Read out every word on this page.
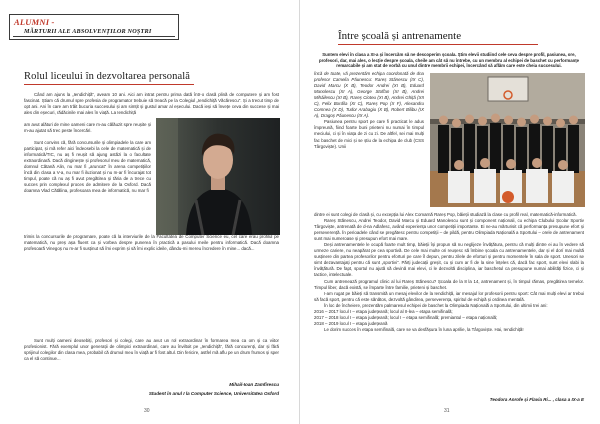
ALUMNI -
MĂRTURII ALE ABSOLVENȚILOR NOȘTRI
Rolul liceului în dezvoltarea personală

Când am ajuns la „Iendichiță”, aveam 10 ani. Aici am intrat pentru prima dată într-o clasă plină de computere și am fost fascinat. Știam că drumul spre profesia de programator trebuie să treacă pe la Colegiul „Iendichiță Văcărescu”. Și a trecut timp de opt ani. Ani în care am trăit bucuria succesului și am simțit și gustul amar al eșecului. Dacă ieși să învețe ceva din succese și mai ales din eșecuri, rădăcinile mai ales în viață. La Iendichiță

am avut alături de mine oameni care m-au călăuzit spre reușite și m-au ajutat să trec peste încercări.

Sunt convins că, fără concursurile și olimpiadele la care am participat, și mă refer aici îndeosebi la cele de matematică și de informatică/TIC, nu aș fi reușit să ajung astăzi la o facultate extraordinară. Dacă dinginește și profesorul meu de matematică, domnul Cătană Alin, nu mar fi „aruncat” în arena competițiilor încă din clasa a V-a, nu mar fi iluzionat și nu m-ar fi încurajat tot timpul, poate că nu aș fi avut pregătirea și tăria de a trece cu succes prin complexul proces de admitere de la Oxford. Dacă doamna Vlad Cătălina, profesoara mea de informatică, nu mar fi

trimis la concursurile de programare, poate că la interviurile de la Facultatea de Computer Science eu, cel care erau profilul pe matematică, nu preș așa fluent ca și vorbea despre punerea în practică a pasului meile pentru informatică. Dacă doamna profesoară Vinegoș nu m-ar fi susținut să îmi exprim și să îmi explic ideile, dându-mi mereu încredere în mine... dacă...

Sunt mulți oameni deosebiți, profesori și colegi, care au avut un rol extraordinar în formarea mea ca om și ca viitor profesionist. Fără exemplul unor generații de olimpici extraordinari, care au înviltoit pe „Iendichiță”, fără concurenți, dar și fără sprijinul colegilor din clasa mea, probabil că drumul meu în viață ar fi fost altul. Din fericire, astfel mă aflu pe un drum frumos și sper ca el să continue...

Mihail-Ioan Zamfirescu
Student în anul I la Computer Science, Universitatea Oxford
30
Între școală și antrenamente
Suntem elevi în clasa a XI-a și încercăm să ne descoperim școala. Știm elevii studiind cele ceva despre profil, pasiunea, ore, profesori, dar, mai ales, o lecție despre școala, cheile am cât să nu întrebe, cu un membru al echipei de baschet cu performanțe remarcabile și am stat de vorbă cu unul dintre membrii echipei, încercând să aflăm care este cheia succesului.

Încă de toate, vă prezentăm echipa coordonată de dna profesor Camelia Păunescu: Rareș Stănescu (IX C), David Marcu (X B), Teodor Andrei (XI B), Eduard Manolescu (XI A), George Stoffan (XI B), Andrei Mihăilescu (XI B), Rareș Cioteu (XI B), Andrei Ghiță (XII C), Felix Bordila (XI C), Rareș Pop (X F), Alexandru Comnea (X D), Tudor Arabagiu (X B), Robert Bilibu (IX A), Dragoș Păunescu (IX A).

Pasiunea pentru sport pe care fi practicat le adus împreună, fiind foarte buni prieteni nu numai în timpul meciului, ci și în viața de zi cu zi. De altfel, sei mai mulți fac baschet de mici și se știu de la echipa de club (CSS Târgoviște). Unii

dintre ei sunt colegi de clasă și, cu excepția lui Alex Comarnă Rareș Pop, băieții studiază la clase cu profil real, matematică-informatică.

Rareș Stănescu, Andrei Teodor, David Marcu și Eduard Manolescu sunt și component naționali, cu echipa Clubului Școlar Sportiv Târgoviște, antrenată de d-na Adlafesc, având experiența unor competiții importante. Ei ne-au mărturisit că performanța presupune efort și perseverență. În perioadele când se pregătesc pentru competiții – de pildă, pentru Olimpiada Națională a Sportului – orele de antrenament sunt mai numeroase și presupun efort mai mare.

Deși antrenamentele le ocupă foarte mult timp, băieții își propun să nu neglijeze învățătura, pentru că mulți dintre ei au în vedere să urmeze cariere, nu neapărat pe cea sportivă. De cele mai multe ori reușesc să îmbine școala cu antrenamentele, dar și el dorí mai multă susținere din partea profesorilor pentru eforturi pe care îl depun, pentru zilele de eforturi și pentru momentele în sala de sport. Unesori se simt dezavantajați pentru că sunt „sportivi”. Părți judecații greșit, cu și cum ar fi de la sine înțeles că, dacă fac sport, sunt elevi slabi la învățătură. De fapt, sportul nu ajută să devină mai elevi, ci le dezvoltă disciplina, iar baschetul ca presupune numai abilități fizice, ci și tactice, intelectuale.

Cum antrenează programul clinic al lui Rareș Stănescu? Școala de la 8 la 14, antrenament și, în timpul rămas, pregătirea temelor. Timpul liber, dacă există, se împarte între familie, prieteni și baschet.

I-am rugat pe băieți să transmită un mesaj elevilor de la Iendichiță, iar mesajul lor profesorii pentru sport: Cât mai mulți elevi ar trebui să facă sport, pentru că este sănătos, dezvoltă gândirea, perseverența, spiritul de echipă și ordinea mentală.

În loc de încheiere, prezentăm palmaresul echipei de baschet la Olimpiada Națională a Sportului, din ultimii trei ani:

2016 – 2017 locul I – etapa județeană; locul al II-lea – etapa semifinală;

2017 – 2018 locul I – etapa județeană; locul I – etapa semifinală; premiantul – etapa națională;

2018 – 2019 locul I – etapa județeană

Le dorim succes în etapa semifinală, care se va desfășura în luna aprilie, la Târgoviște. Hai, Iendichiță!

Teodora Anrofe și Flavia Ri... , clasa a IX-a E
31
